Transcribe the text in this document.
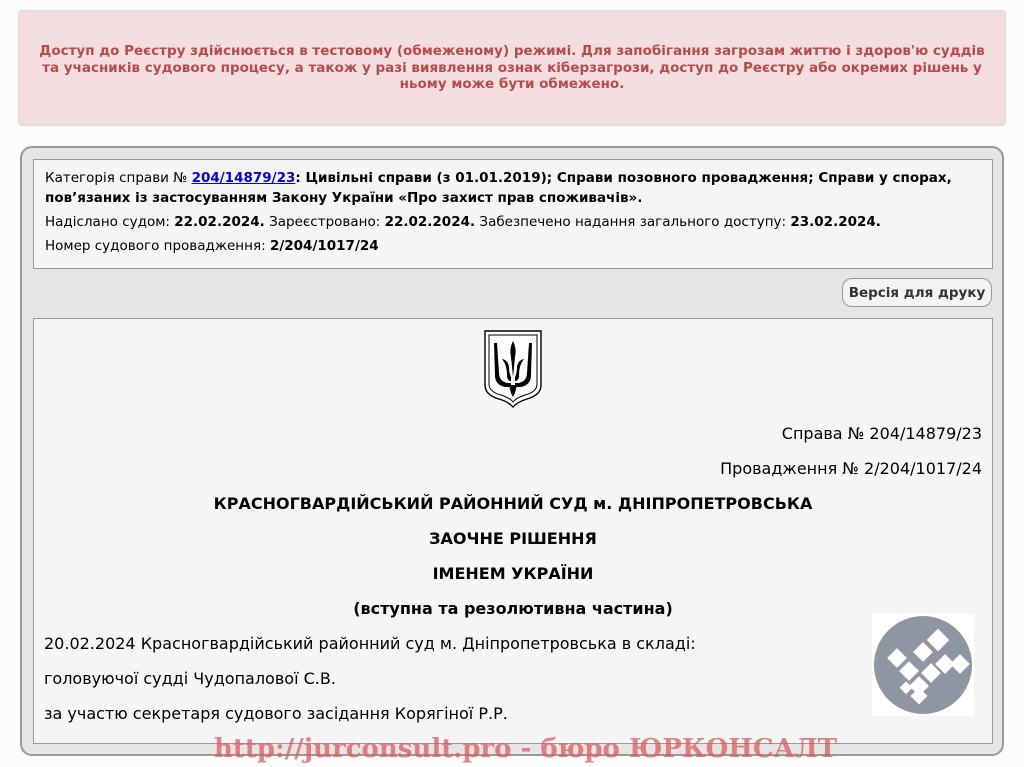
Доступ до Реєстру здійснюється в тестовому (обмеженому) режимі. Для запобігання загрозам життю і здоров'ю суддів та учасників судового процесу, а також у разі виявлення ознак кіберзагрози, доступ до Реєстру або окремих рішень у ньому може бути обмежено.

Категорія справи № 204/14879/23: Цивільні справи (з 01.01.2019); Справи позовного провадження; Справи у спорах, пов’язаних із застосуванням Закону України «Про захист прав споживачів».

Надіслано судом: 22.02.2024. Зареєстровано: 22.02.2024. Забезпечено надання загального доступу: 23.02.2024.

Номер судового провадження: 2/204/1017/24

Версія для друку
Справа № 204/14879/23
Провадження № 2/204/1017/24
КРАСНОГВАРДІЙСЬКИЙ РАЙОННИЙ СУД м. ДНІПРОПЕТРОВСЬКА
ЗАОЧНЕ РІШЕННЯ
ІМЕНЕМ УКРАЇНИ
(вступна та резолютивна частина)
20.02.2024 Красногвардійський районний суд м. Дніпропетровська в складі:
головуючої судді Чудопалової С.В.
за участю секретаря судового засідання Корягіної Р.Р.
http://jurconsult.pro - бюро ЮРКОНСАЛТ
